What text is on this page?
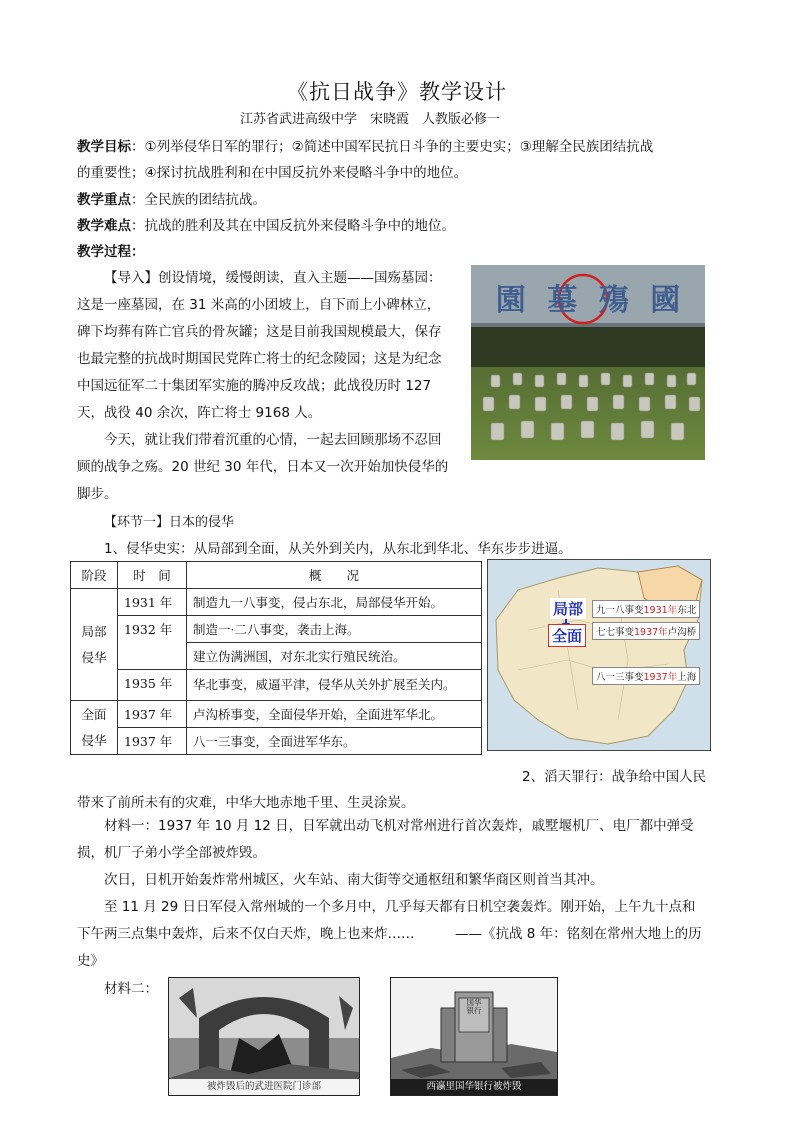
《抗日战争》教学设计
江苏省武进高级中学　宋晓霞　人教版必修一
教学目标：①列举侵华日军的罪行；②简述中国军民抗日斗争的主要史实；③理解全民族团结抗战
的重要性；④探讨抗战胜利和在中国反抗外来侵略斗争中的地位。
教学重点：全民族的团结抗战。
教学难点：抗战的胜利及其在中国反抗外来侵略斗争中的地位。
教学过程：
【导入】创设情境，缓慢朗读，直入主题——国殇墓园：
这是一座墓园，在 31 米高的小团坡上，自下而上小碑林立，
碑下均葬有阵亡官兵的骨灰罐；这是目前我国规模最大，保存
也最完整的抗战时期国民党阵亡将士的纪念陵园；这是为纪念
中国远征军二十集团军实施的腾冲反攻战；此战役历时 127
天，战役 40 余次，阵亡将士 9168 人。
今天，就让我们带着沉重的心情，一起去回顾那场不忍回
顾的战争之殇。20 世纪 30 年代，日本又一次开始加快侵华的
脚步。
園 墓 殤 國
【环节一】日本的侵华
1、侵华史实：从局部到全面，从关外到关内，从东北到华北、华东步步进逼。
阶段	时　间	概　　况
局部侵华	1931 年	制造九一八事变，侵占东北，局部侵华开始。
	1932 年	制造一·二八事变，袭击上海。
		建立伪满洲国，对东北实行殖民统治。
	1935 年	华北事变，威逼平津，侵华从关外扩展至关内。

全面侵华	1937 年	卢沟桥事变，全面侵华开始，全面进军华北。
	1937 年	八一三事变，全面进军华东。
局部
全面
九一八事变1931年东北
七七事变1937年卢沟桥
八一三事变1937年上海
2、滔天罪行：战争给中国人民
带来了前所未有的灾难，中华大地赤地千里、生灵涂炭。
材料一：1937 年 10 月 12 日，日军就出动飞机对常州进行首次轰炸，戚墅堰机厂、电厂都中弹受
损，机厂子弟小学全部被炸毁。
次日，日机开始轰炸常州城区，火车站、南大街等交通枢纽和繁华商区则首当其冲。
至 11 月 29 日日军侵入常州城的一个多月中，几乎每天都有日机空袭轰炸。刚开始，上午九十点和
下午两三点集中轰炸，后来不仅白天炸，晚上也来炸……　　　——《抗战 8 年：铭刻在常州大地上的历
史》
材料二：
被炸毁后的武进医院门诊部
国华银行
西瀛里国华银行被炸毁
